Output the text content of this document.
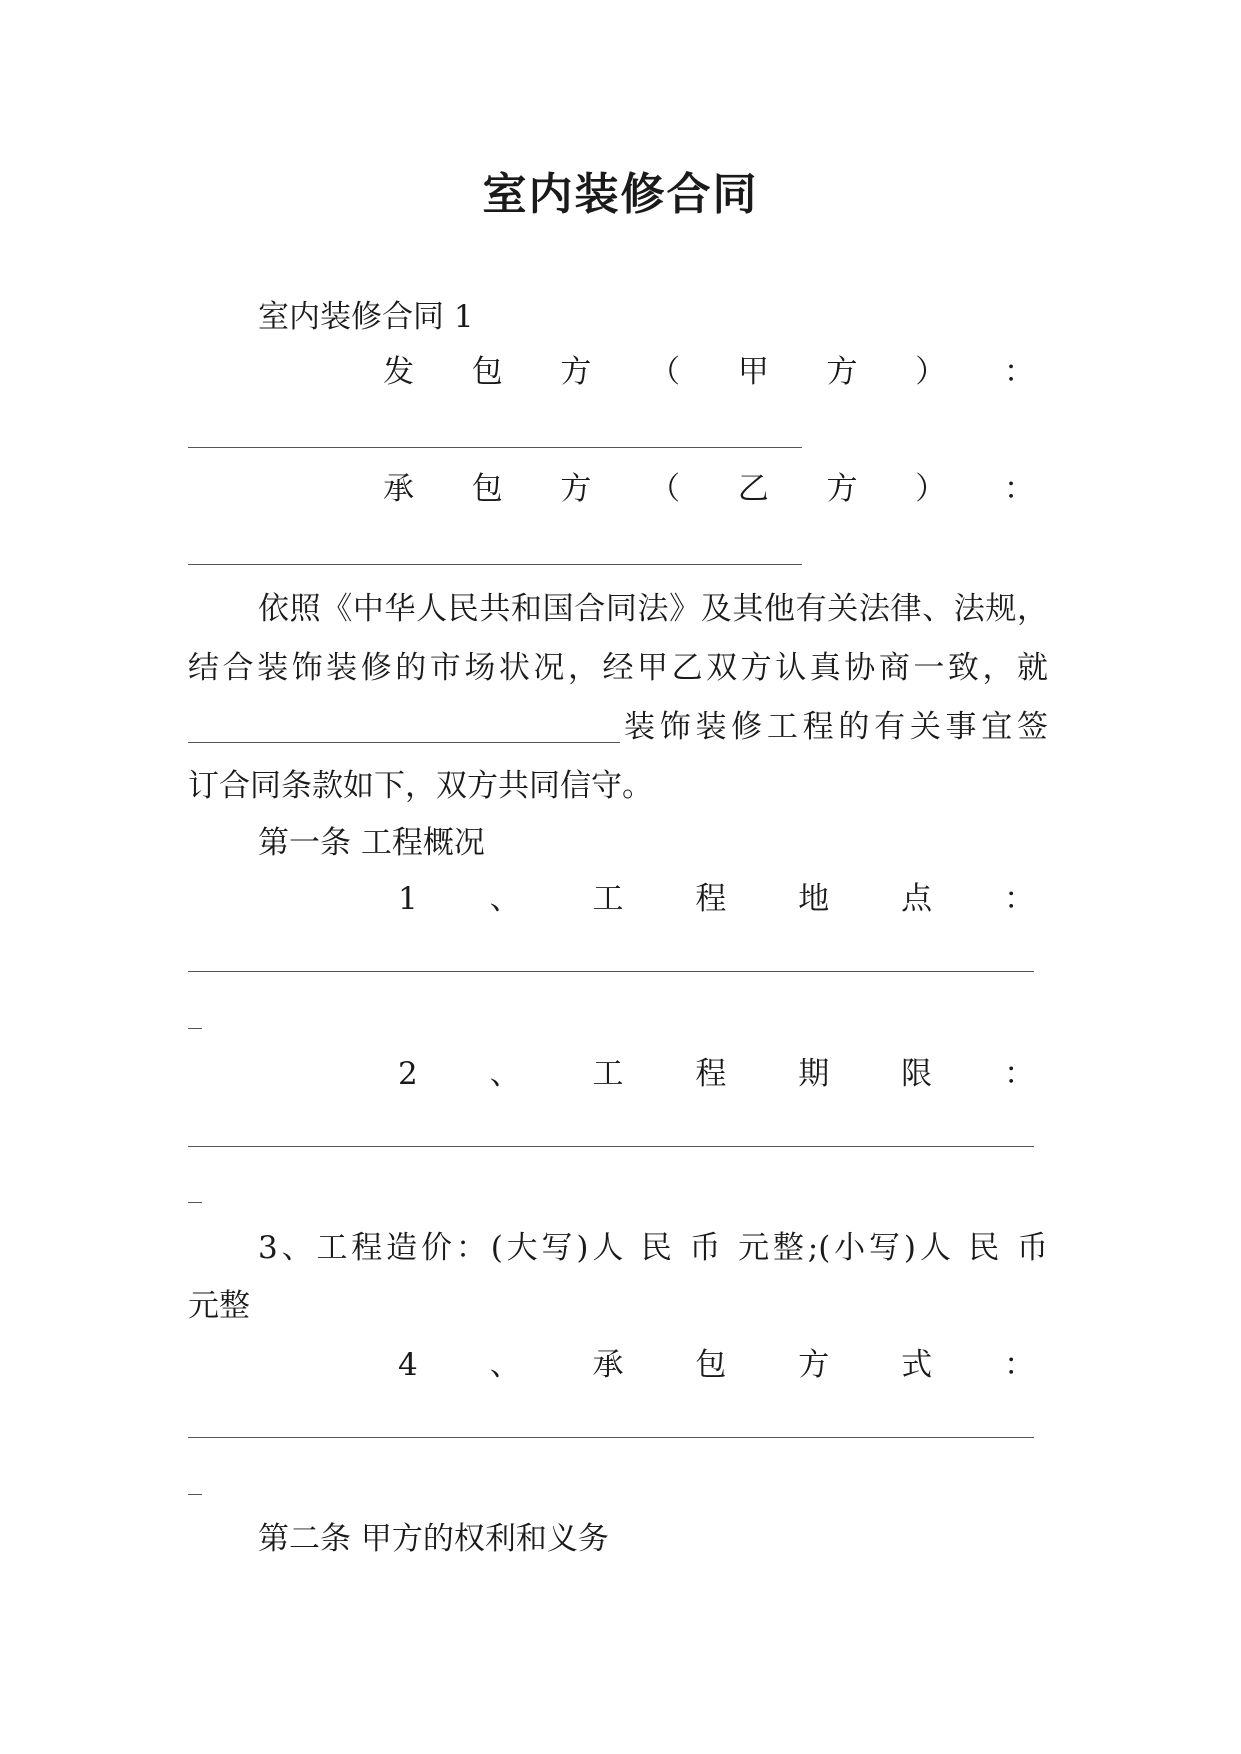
室内装修合同
室内装修合同 1
发 包 方 （ 甲 方 ） ：
承 包 方 （ 乙 方 ） ：
依照《中华人民共和国合同法》及其他有关法律、法规，
结合装饰装修的市场状况，经甲乙双方认真协商一致，就
装饰装修工程的有关事宜签
订合同条款如下，双方共同信守。
第一条 工程概况
1 、 工 程 地 点 ：
2 、 工 程 期 限 ：
3、工程造价：(大写)人 民 币 元整;(小写)人 民 币
元整
4 、 承 包 方 式 ：
第二条 甲方的权利和义务
